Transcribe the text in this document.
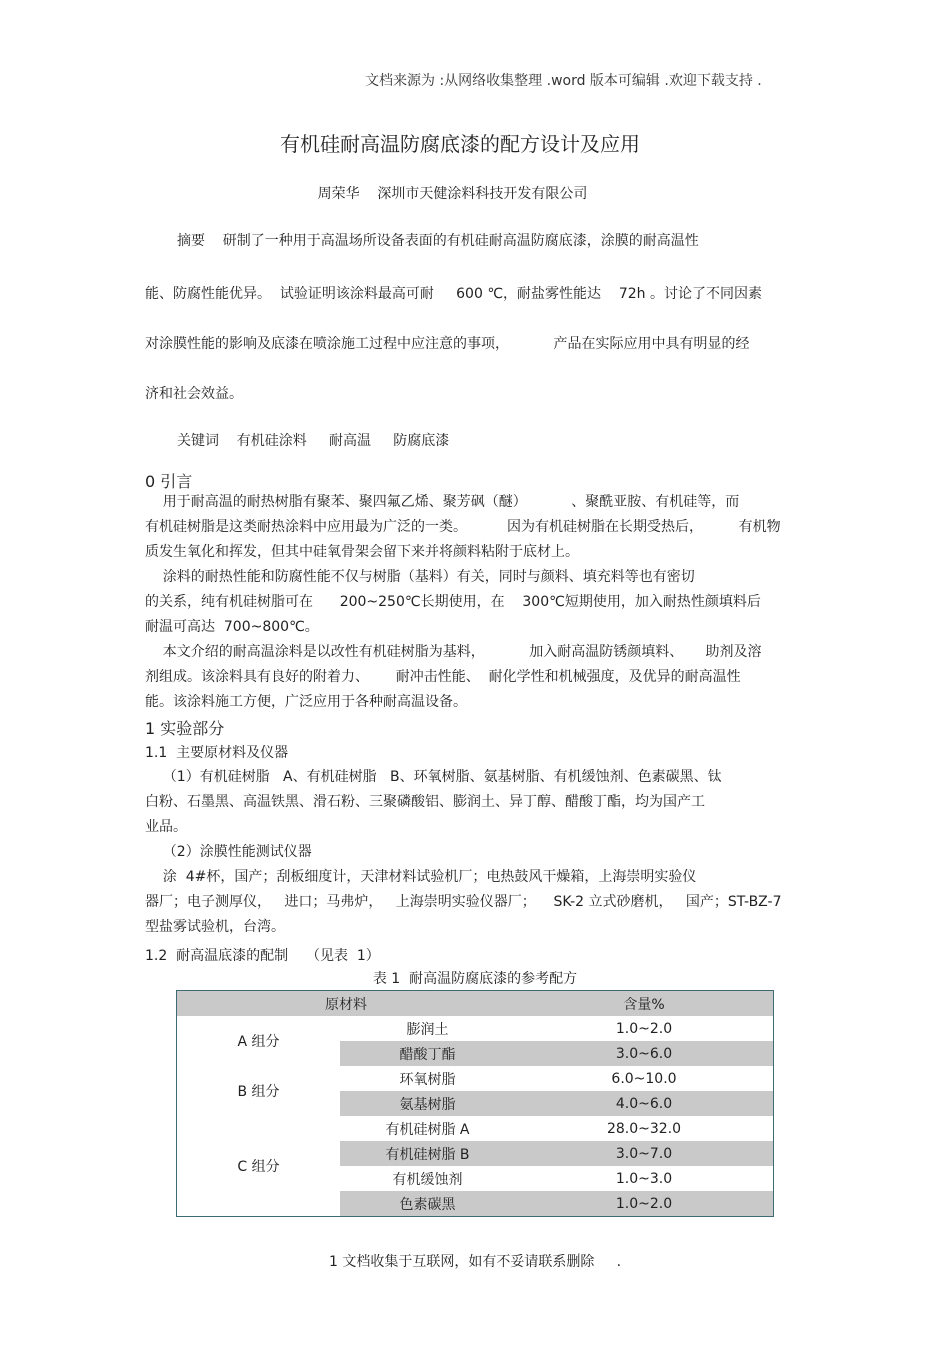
文档来源为 :从网络收集整理 .word 版本可编辑 .欢迎下载支持 .
有机硅耐高温防腐底漆的配方设计及应用
周荣华    深圳市天健涂料科技开发有限公司
摘要    研制了一种用于高温场所设备表面的有机硅耐高温防腐底漆，涂膜的耐高温性
能、防腐性能优异。  试验证明该涂料最高可耐     600 ℃，耐盐雾性能达    72h 。讨论了不同因素
对涂膜性能的影响及底漆在喷涂施工过程中应注意的事项，          产品在实际应用中具有明显的经
济和社会效益。
关键词    有机硅涂料     耐高温     防腐底漆
0 引言
用于耐高温的耐热树脂有聚苯、聚四氟乙烯、聚芳砜（醚）          、聚酰亚胺、有机硅等，而
有机硅树脂是这类耐热涂料中应用最为广泛的一类。         因为有机硅树脂在长期受热后，        有机物
质发生氧化和挥发，但其中硅氧骨架会留下来并将颜料粘附于底材上。
涂料的耐热性能和防腐性能不仅与树脂（基料）有关，同时与颜料、填充料等也有密切
的关系，纯有机硅树脂可在      200~250℃长期使用，在    300℃短期使用，加入耐热性颜填料后
耐温可高达  700~800℃。
本文介绍的耐高温涂料是以改性有机硅树脂为基料，          加入耐高温防锈颜填料、     助剂及溶
剂组成。该涂料具有良好的附着力、      耐冲击性能、  耐化学性和机械强度，及优异的耐高温性
能。该涂料施工方便，广泛应用于各种耐高温设备。
1 实验部分
1.1  主要原材料及仪器
（1）有机硅树脂   A、有机硅树脂   B、环氧树脂、氨基树脂、有机缓蚀剂、色素碳黑、钛
白粉、石墨黑、高温铁黑、滑石粉、三聚磷酸铝、膨润土、异丁醇、醋酸丁酯，均为国产工
业品。
（2）涂膜性能测试仪器
涂  4#杯，国产；刮板细度计，天津材料试验机厂；电热鼓风干燥箱，上海崇明实验仪
器厂；电子测厚仪，   进口；马弗炉，   上海崇明实验仪器厂；    SK-2 立式砂磨机，   国产；ST-BZ-7
型盐雾试验机，台湾。
1.2  耐高温底漆的配制    （见表  1）
表 1  耐高温防腐底漆的参考配方
原材料		含量%
A 组分	膨润土	1.0~2.0
	醋酸丁酯	3.0~6.0
B 组分	环氧树脂	6.0~10.0
	氨基树脂	4.0~6.0
C 组分	有机硅树脂 A	28.0~32.0
	有机硅树脂 B	3.0~7.0
	有机缓蚀剂	1.0~3.0
	色素碳黑	1.0~2.0
1 文档收集于互联网，如有不妥请联系删除     .
